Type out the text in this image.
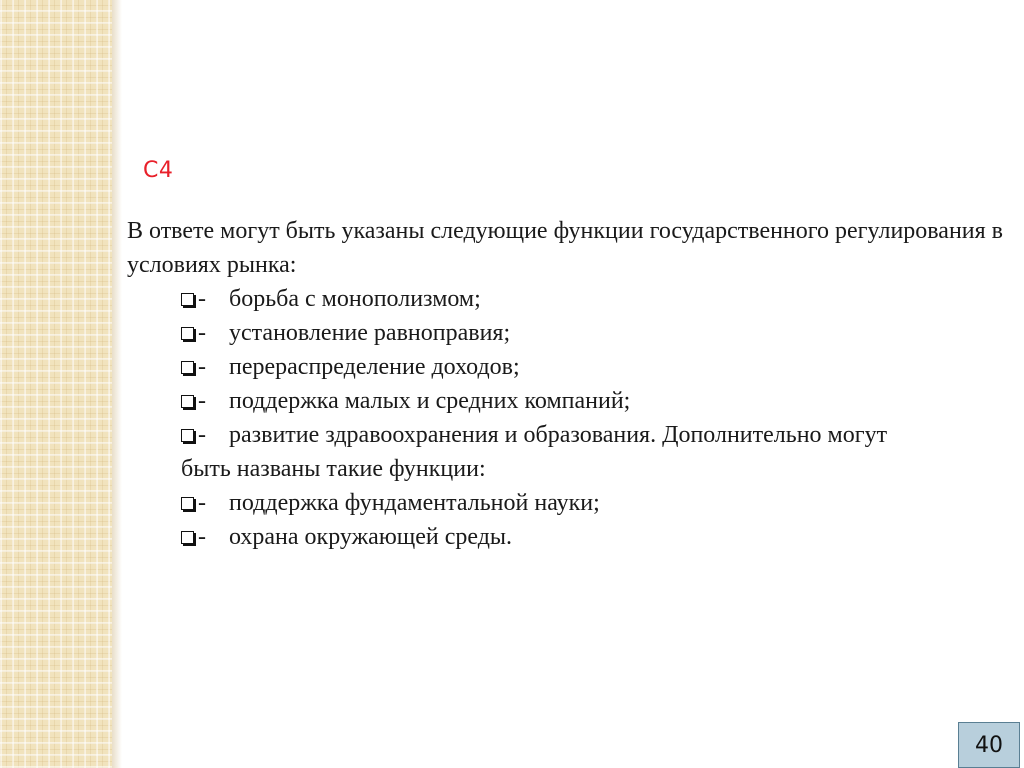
C4

В ответе могут быть указаны следующие функции государственного регулирования в условиях рынка:

- борьба с монополизмом;
- установление равноправия;
- перераспределение доходов;
- поддержка малых и средних компаний;
- развитие здравоохранения и образования. Дополнительно могут

быть названы такие функции:

- поддержка фундаментальной науки;
- охрана окружающей среды.
40
